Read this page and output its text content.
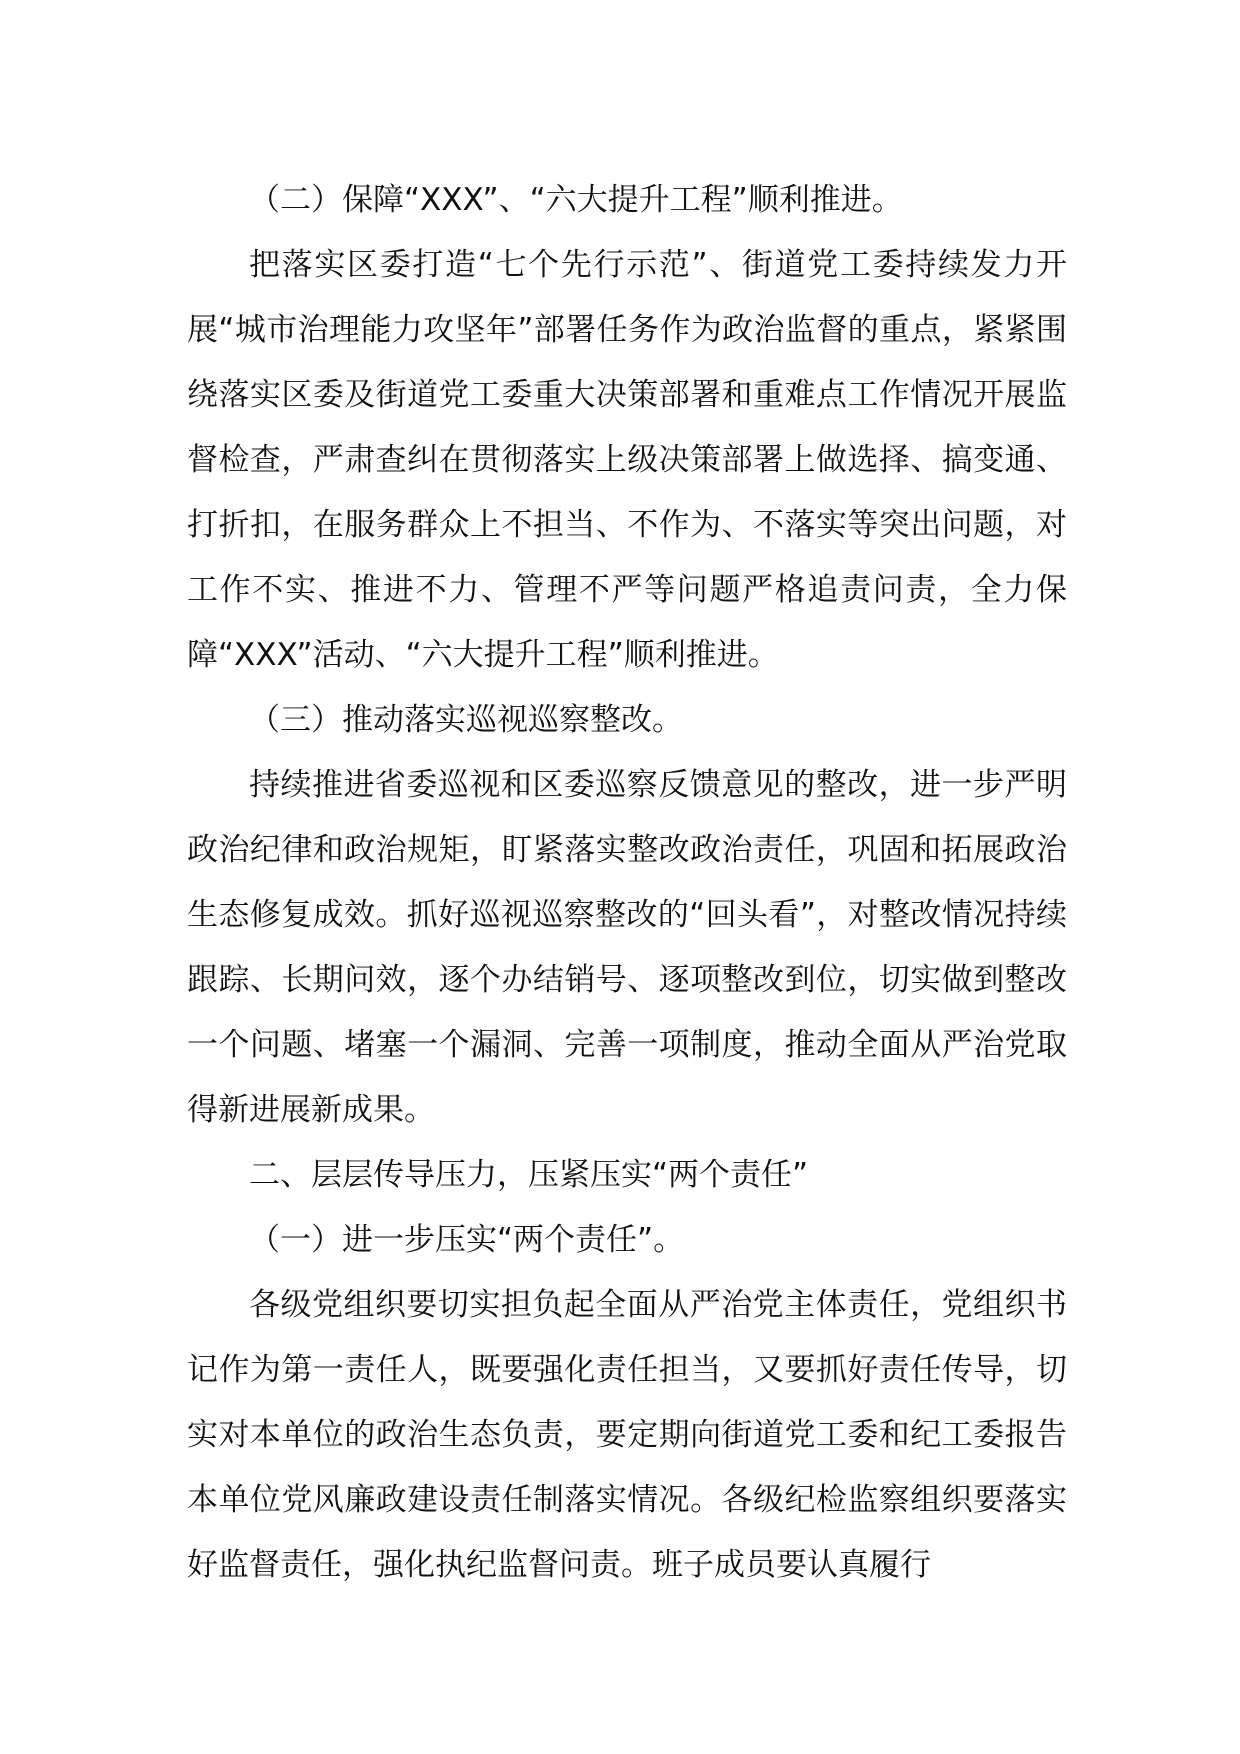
（二）保障“XXX”、“六大提升工程”顺利推进。

把落实区委打造“七个先行示范”、街道党工委持续发力开展“城市治理能力攻坚年”部署任务作为政治监督的重点，紧紧围绕落实区委及街道党工委重大决策部署和重难点工作情况开展监督检查，严肃查纠在贯彻落实上级决策部署上做选择、搞变通、打折扣，在服务群众上不担当、不作为、不落实等突出问题，对工作不实、推进不力、管理不严等问题严格追责问责，全力保障“XXX”活动、“六大提升工程”顺利推进。

（三）推动落实巡视巡察整改。

持续推进省委巡视和区委巡察反馈意见的整改，进一步严明政治纪律和政治规矩，盯紧落实整改政治责任，巩固和拓展政治生态修复成效。抓好巡视巡察整改的“回头看”，对整改情况持续跟踪、长期问效，逐个办结销号、逐项整改到位，切实做到整改一个问题、堵塞一个漏洞、完善一项制度，推动全面从严治党取得新进展新成果。

二、层层传导压力，压紧压实“两个责任”

（一）进一步压实“两个责任”。

各级党组织要切实担负起全面从严治党主体责任，党组织书记作为第一责任人，既要强化责任担当，又要抓好责任传导，切实对本单位的政治生态负责，要定期向街道党工委和纪工委报告本单位党风廉政建设责任制落实情况。各级纪检监察组织要落实好监督责任，强化执纪监督问责。班子成员要认真履行
